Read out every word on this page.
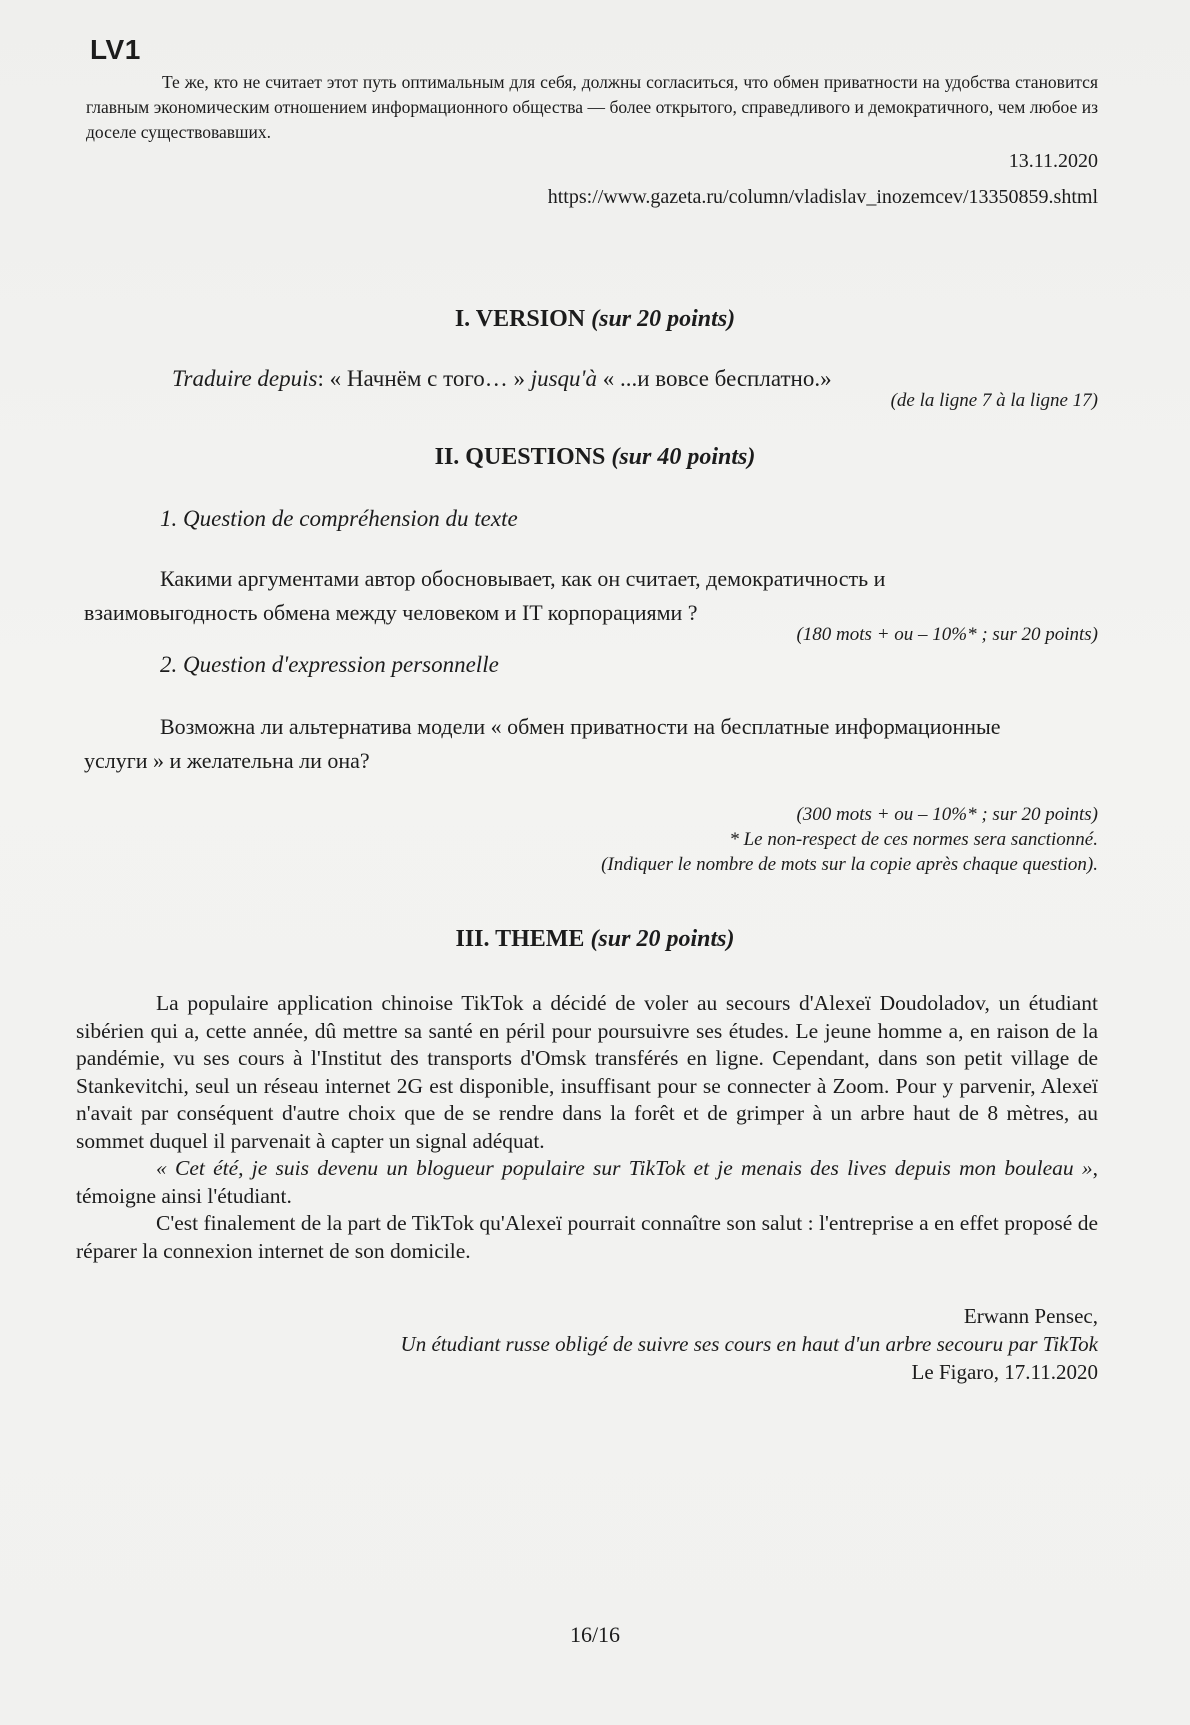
LV1
Те же, кто не считает этот путь оптимальным для себя, должны согласиться, что обмен приватности на удобства становится главным экономическим отношением информационного общества — более открытого, справедливого и демократичного, чем любое из доселе существовавших.
13.11.2020
https://www.gazeta.ru/column/vladislav_inozemcev/13350859.shtml
I. VERSION (sur 20 points)
Traduire depuis: « Начнём с того… » jusqu'à « ...и вовсе бесплатно.»
(de la ligne 7 à la ligne 17)
II. QUESTIONS (sur 40 points)
1. Question de compréhension du texte
Какими аргументами автор обосновывает, как он считает, демократичность и взаимовыгодность обмена между человеком и IT корпорациями ?
(180 mots + ou – 10%* ; sur 20 points)
2. Question d'expression personnelle
Возможна ли альтернатива модели « обмен приватности на бесплатные информационные услуги » и желательна ли она?
(300 mots + ou – 10%* ; sur 20 points)
* Le non-respect de ces normes sera sanctionné.
(Indiquer le nombre de mots sur la copie après chaque question).
III. THEME (sur 20 points)

La populaire application chinoise TikTok a décidé de voler au secours d'Alexeï Doudoladov, un étudiant sibérien qui a, cette année, dû mettre sa santé en péril pour poursuivre ses études. Le jeune homme a, en raison de la pandémie, vu ses cours à l'Institut des transports d'Omsk transférés en ligne. Cependant, dans son petit village de Stankevitchi, seul un réseau internet 2G est disponible, insuffisant pour se connecter à Zoom. Pour y parvenir, Alexeï n'avait par conséquent d'autre choix que de se rendre dans la forêt et de grimper à un arbre haut de 8 mètres, au sommet duquel il parvenait à capter un signal adéquat.

« Cet été, je suis devenu un blogueur populaire sur TikTok et je menais des lives depuis mon bouleau », témoigne ainsi l'étudiant.

C'est finalement de la part de TikTok qu'Alexeï pourrait connaître son salut : l'entreprise a en effet proposé de réparer la connexion internet de son domicile.

Erwann Pensec,
Un étudiant russe obligé de suivre ses cours en haut d'un arbre secouru par TikTok
Le Figaro, 17.11.2020
16/16
